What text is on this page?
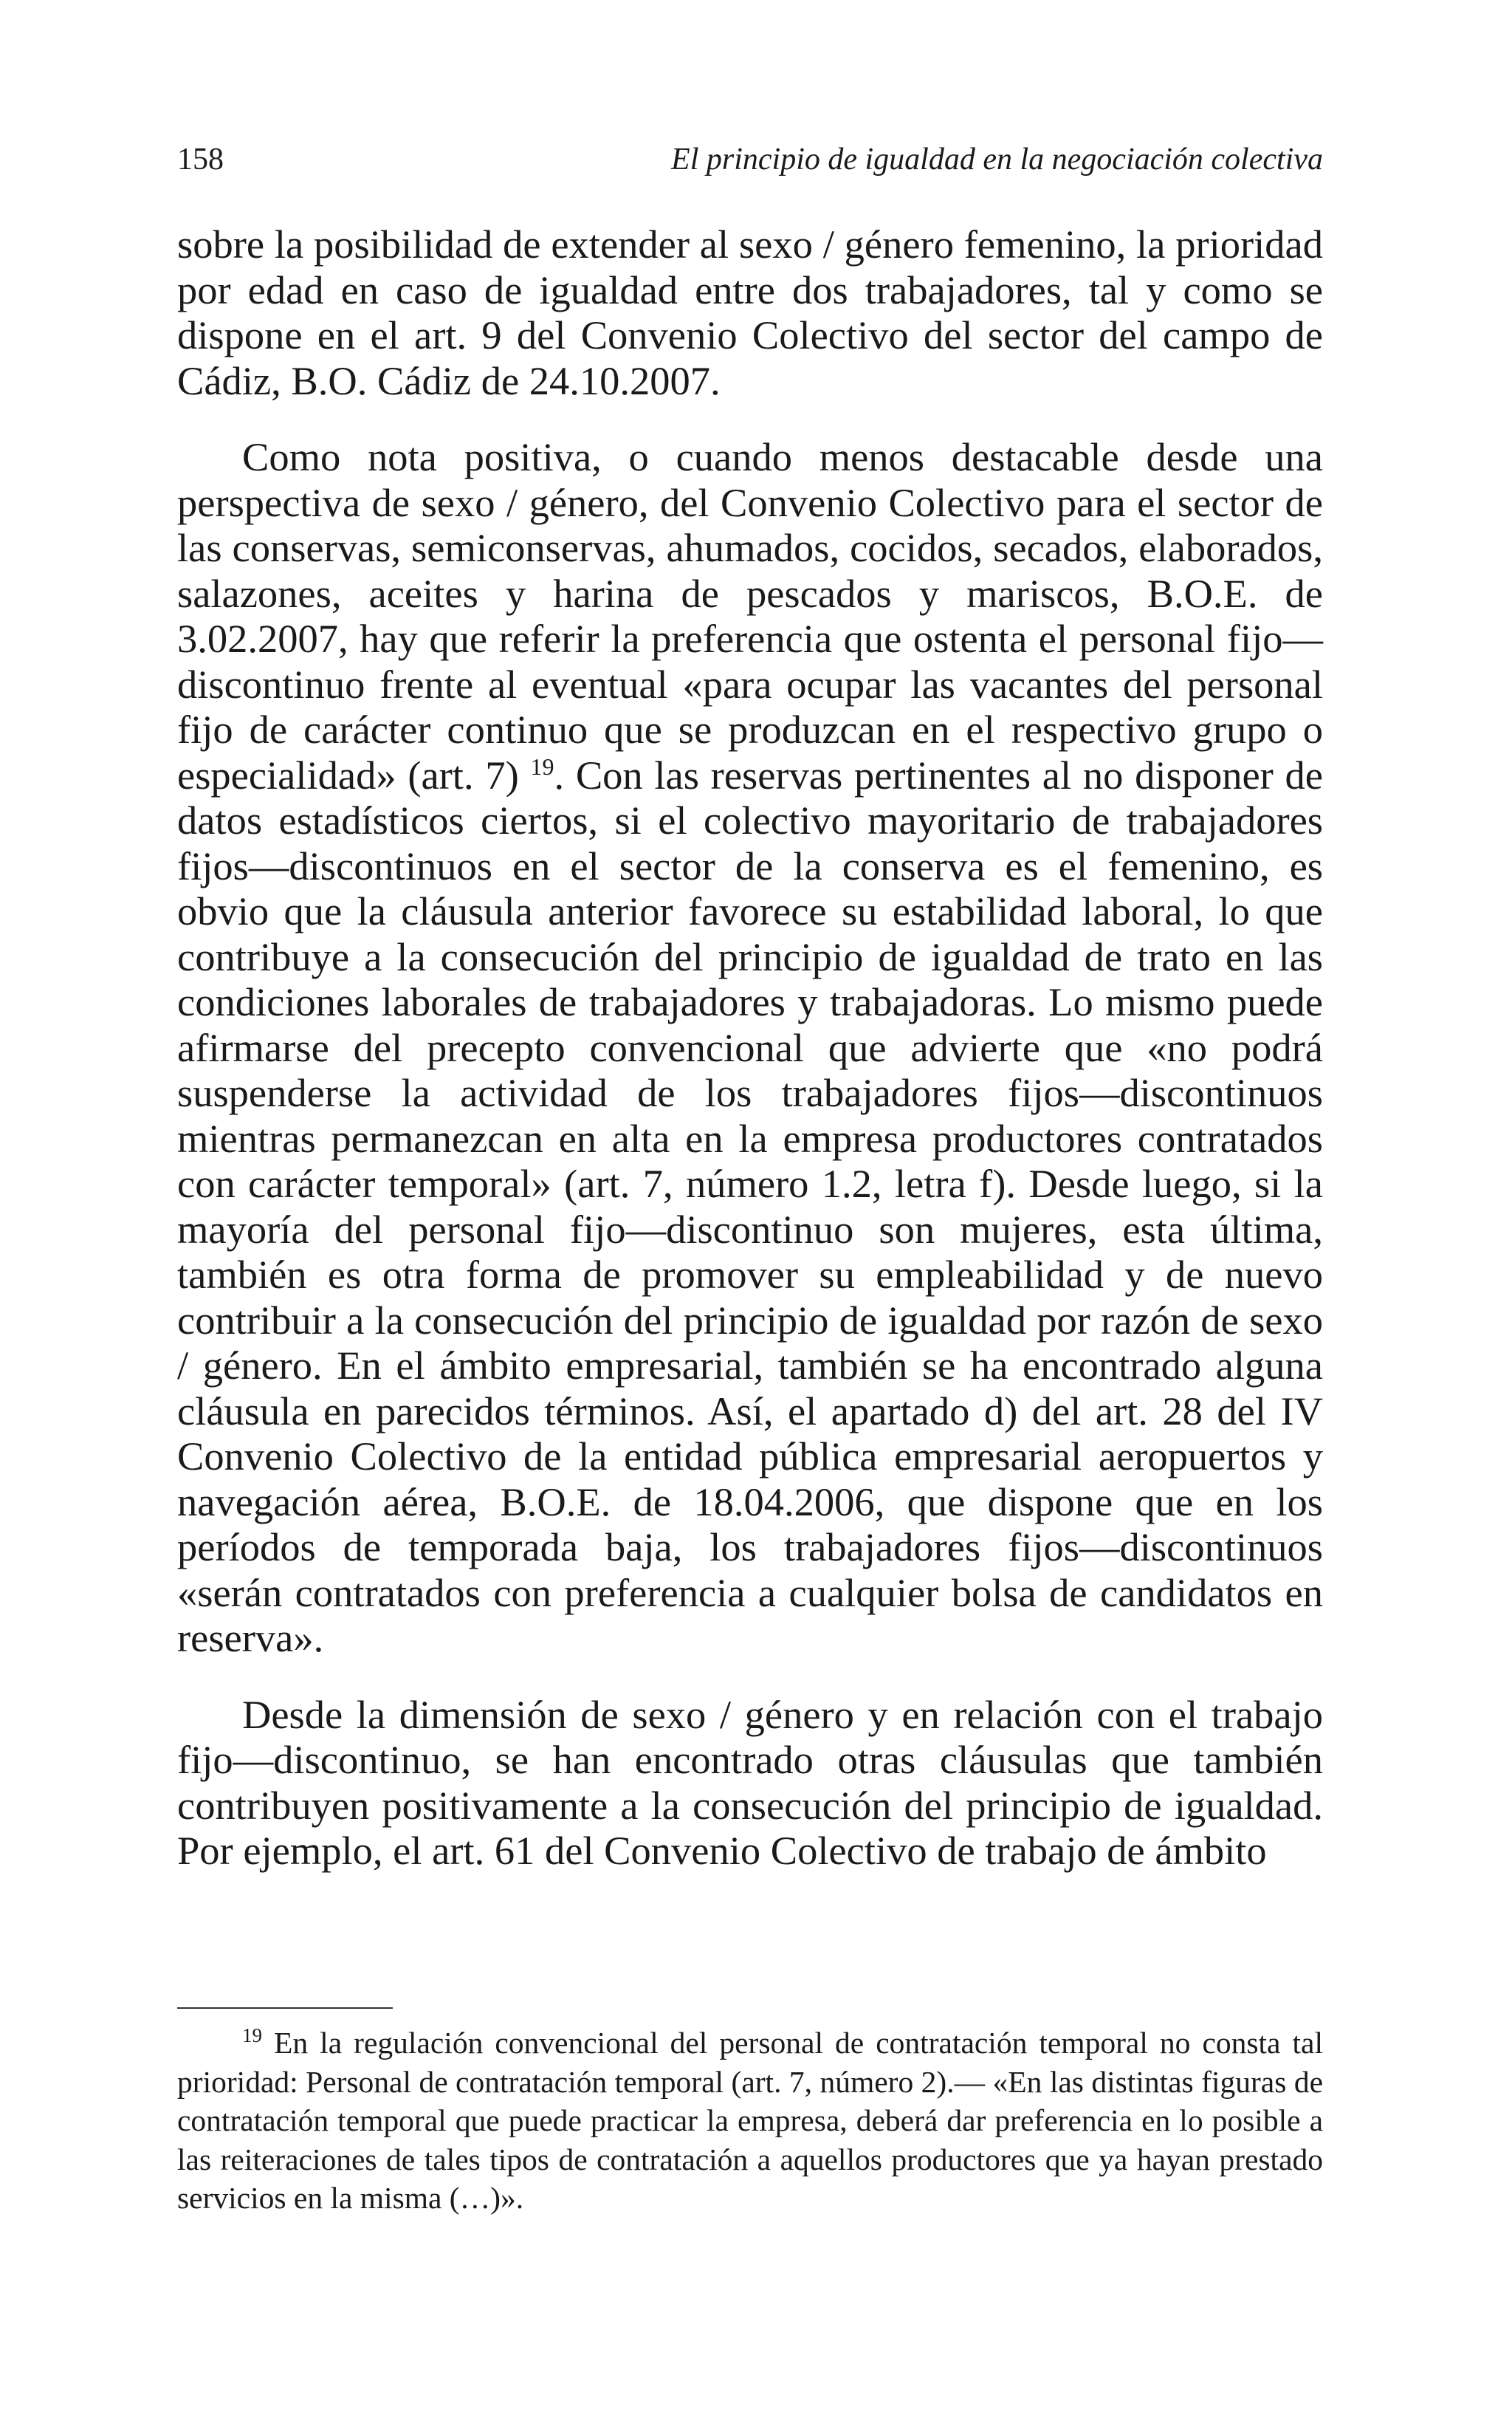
158	El principio de igualdad en la negociación colectiva

sobre la posibilidad de extender al sexo / género femenino, la prioridad por edad en caso de igualdad entre dos trabajadores, tal y como se dispone en el art. 9 del Convenio Colectivo del sector del campo de Cádiz, B.O. Cádiz de 24.10.2007.

Como nota positiva, o cuando menos destacable desde una perspectiva de sexo / género, del Convenio Colectivo para el sector de las conservas, semiconservas, ahumados, cocidos, secados, elaborados, salazones, aceites y harina de pescados y mariscos, B.O.E. de 3.02.2007, hay que referir la preferencia que ostenta el personal fijo—discontinuo frente al eventual «para ocupar las vacantes del personal fijo de carácter continuo que se produzcan en el respectivo grupo o especialidad» (art. 7) $^{19}$. Con las reservas pertinentes al no disponer de datos estadísticos ciertos, si el colectivo mayoritario de trabajadores fijos—discontinuos en el sector de la conserva es el femenino, es obvio que la cláusula anterior favorece su estabilidad laboral, lo que contribuye a la consecución del principio de igualdad de trato en las condiciones laborales de trabajadores y trabajadoras. Lo mismo puede afirmarse del precepto convencional que advierte que «no podrá suspenderse la actividad de los trabajadores fijos—discontinuos mientras permanezcan en alta en la empresa productores contratados con carácter temporal» (art. 7, número 1.2, letra f). Desde luego, si la mayoría del personal fijo—discontinuo son mujeres, esta última, también es otra forma de promover su empleabilidad y de nuevo contribuir a la consecución del principio de igualdad por razón de sexo / género. En el ámbito empresarial, también se ha encontrado alguna cláusula en parecidos términos. Así, el apartado d) del art. 28 del IV Convenio Colectivo de la entidad pública empresarial aeropuertos y navegación aérea, B.O.E. de 18.04.2006, que dispone que en los períodos de temporada baja, los trabajadores fijos—discontinuos «serán contratados con preferencia a cualquier bolsa de candidatos en reserva».

Desde la dimensión de sexo / género y en relación con el trabajo fijo—discontinuo, se han encontrado otras cláusulas que también contribuyen positivamente a la consecución del principio de igualdad. Por ejemplo, el art. 61 del Convenio Colectivo de trabajo de ámbito

$^{19}$ En la regulación convencional del personal de contratación temporal no consta tal prioridad: Personal de contratación temporal (art. 7, número 2).— «En las distintas figuras de contratación temporal que puede practicar la empresa, deberá dar preferencia en lo posible a las reiteraciones de tales tipos de contratación a aquellos productores que ya hayan prestado servicios en la misma (…)».
